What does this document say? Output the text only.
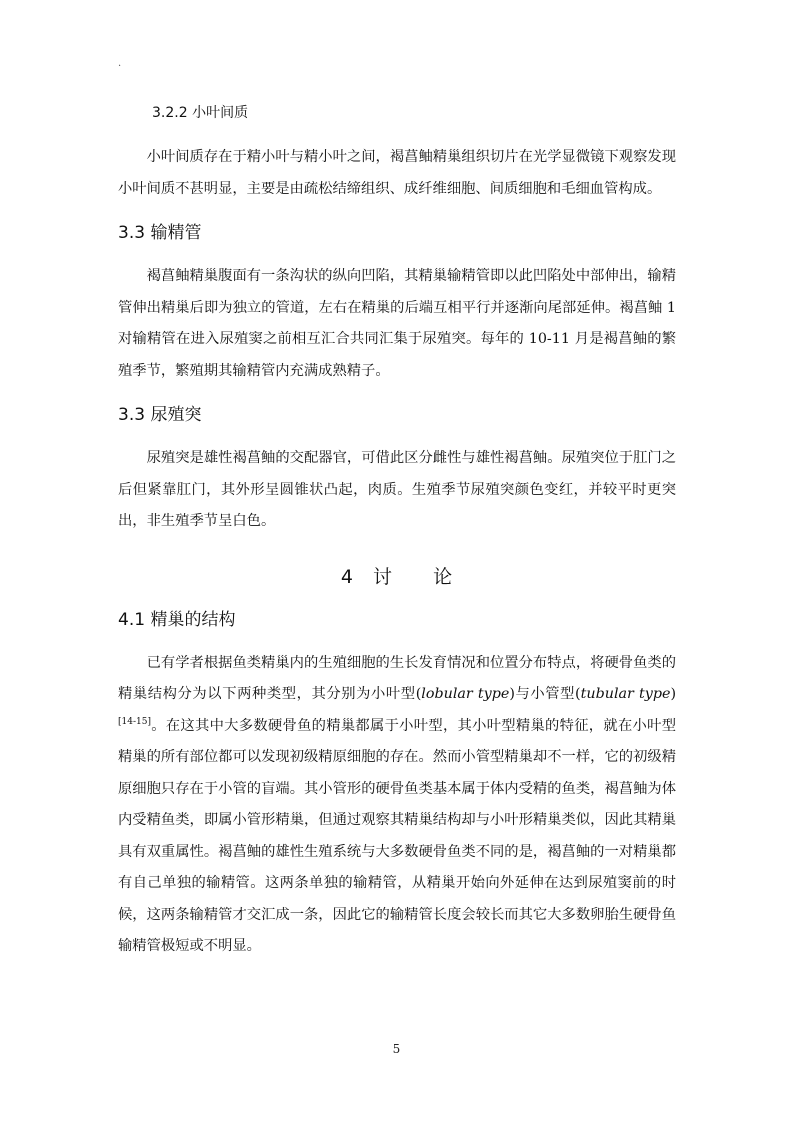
.
3.2.2 小叶间质

小叶间质存在于精小叶与精小叶之间，褐菖鲉精巢组织切片在光学显微镜下观察发现小叶间质不甚明显，主要是由疏松结缔组织、成纤维细胞、间质细胞和毛细血管构成。

3.3 输精管

褐菖鲉精巢腹面有一条沟状的纵向凹陷，其精巢输精管即以此凹陷处中部伸出，输精管伸出精巢后即为独立的管道，左右在精巢的后端互相平行并逐渐向尾部延伸。褐菖鲉 1 对输精管在进入尿殖窦之前相互汇合共同汇集于尿殖突。每年的 10-11 月是褐菖鲉的繁殖季节，繁殖期其输精管内充满成熟精子。

3.3 尿殖突

尿殖突是雄性褐菖鲉的交配器官，可借此区分雌性与雄性褐菖鲉。尿殖突位于肛门之后但紧靠肛门，其外形呈圆锥状凸起，肉质。生殖季节尿殖突颜色变红，并较平时更突出，非生殖季节呈白色。

4 讨 论
4.1 精巢的结构

已有学者根据鱼类精巢内的生殖细胞的生长发育情况和位置分布特点，将硬骨鱼类的精巢结构分为以下两种类型，其分别为小叶型(lobular type)与小管型(tubular type)[14-15]。在这其中大多数硬骨鱼的精巢都属于小叶型，其小叶型精巢的特征，就在小叶型精巢的所有部位都可以发现初级精原细胞的存在。然而小管型精巢却不一样，它的初级精原细胞只存在于小管的盲端。其小管形的硬骨鱼类基本属于体内受精的鱼类，褐菖鲉为体内受精鱼类，即属小管形精巢，但通过观察其精巢结构却与小叶形精巢类似，因此其精巢具有双重属性。褐菖鲉的雄性生殖系统与大多数硬骨鱼类不同的是，褐菖鲉的一对精巢都有自己单独的输精管。这两条单独的输精管，从精巢开始向外延伸在达到尿殖窦前的时候，这两条输精管才交汇成一条，因此它的输精管长度会较长而其它大多数卵胎生硬骨鱼输精管极短或不明显。

5
